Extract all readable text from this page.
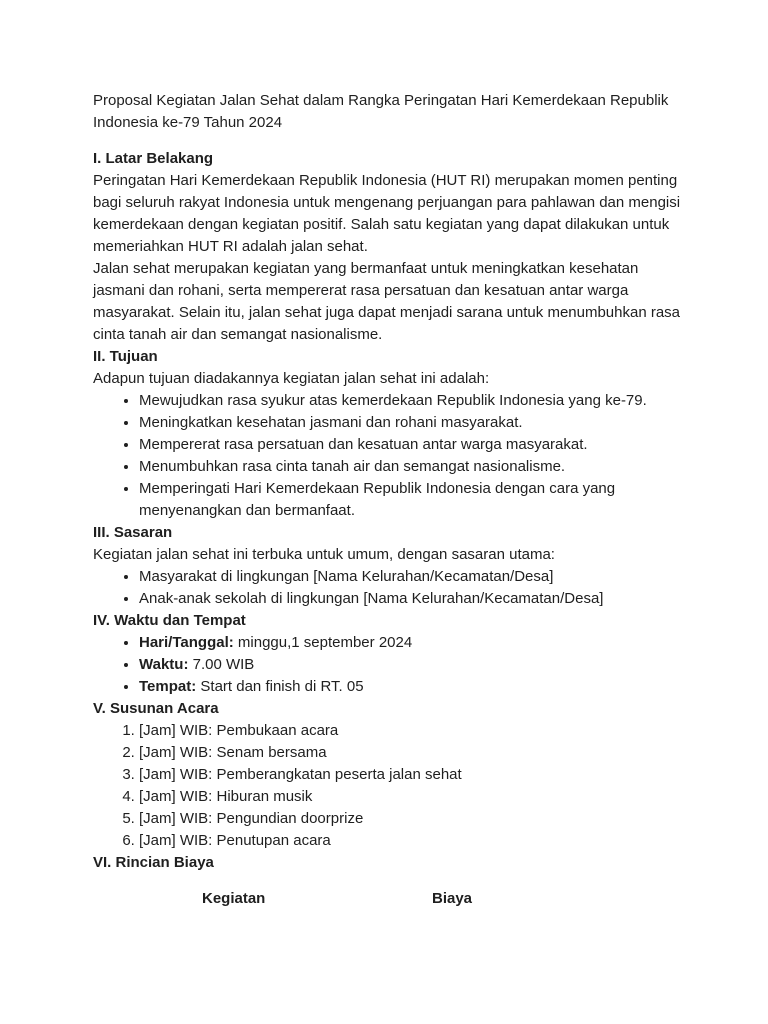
Proposal Kegiatan Jalan Sehat dalam Rangka Peringatan Hari Kemerdekaan Republik Indonesia ke-79 Tahun 2024

I. Latar Belakang

Peringatan Hari Kemerdekaan Republik Indonesia (HUT RI) merupakan momen penting bagi seluruh rakyat Indonesia untuk mengenang perjuangan para pahlawan dan mengisi kemerdekaan dengan kegiatan positif. Salah satu kegiatan yang dapat dilakukan untuk memeriahkan HUT RI adalah jalan sehat.

Jalan sehat merupakan kegiatan yang bermanfaat untuk meningkatkan kesehatan jasmani dan rohani, serta mempererat rasa persatuan dan kesatuan antar warga masyarakat. Selain itu, jalan sehat juga dapat menjadi sarana untuk menumbuhkan rasa cinta tanah air dan semangat nasionalisme.

II. Tujuan

Adapun tujuan diadakannya kegiatan jalan sehat ini adalah:

• Mewujudkan rasa syukur atas kemerdekaan Republik Indonesia yang ke-79.
• Meningkatkan kesehatan jasmani dan rohani masyarakat.
• Mempererat rasa persatuan dan kesatuan antar warga masyarakat.
• Menumbuhkan rasa cinta tanah air dan semangat nasionalisme.
• Memperingati Hari Kemerdekaan Republik Indonesia dengan cara yang menyenangkan dan bermanfaat.
III. Sasaran

Kegiatan jalan sehat ini terbuka untuk umum, dengan sasaran utama:

• Masyarakat di lingkungan [Nama Kelurahan/Kecamatan/Desa]
• Anak-anak sekolah di lingkungan [Nama Kelurahan/Kecamatan/Desa]
IV. Waktu dan Tempat
• Hari/Tanggal: minggu,1 september 2024
• Waktu: 7.00 WIB
• Tempat: Start dan finish di RT. 05
V. Susunan Acara
1. [Jam] WIB: Pembukaan acara
2. [Jam] WIB: Senam bersama
3. [Jam] WIB: Pemberangkatan peserta jalan sehat
4. [Jam] WIB: Hiburan musik
5. [Jam] WIB: Pengundian doorprize
6. [Jam] WIB: Penutupan acara
VI. Rincian Biaya
Kegiatan	Biaya
